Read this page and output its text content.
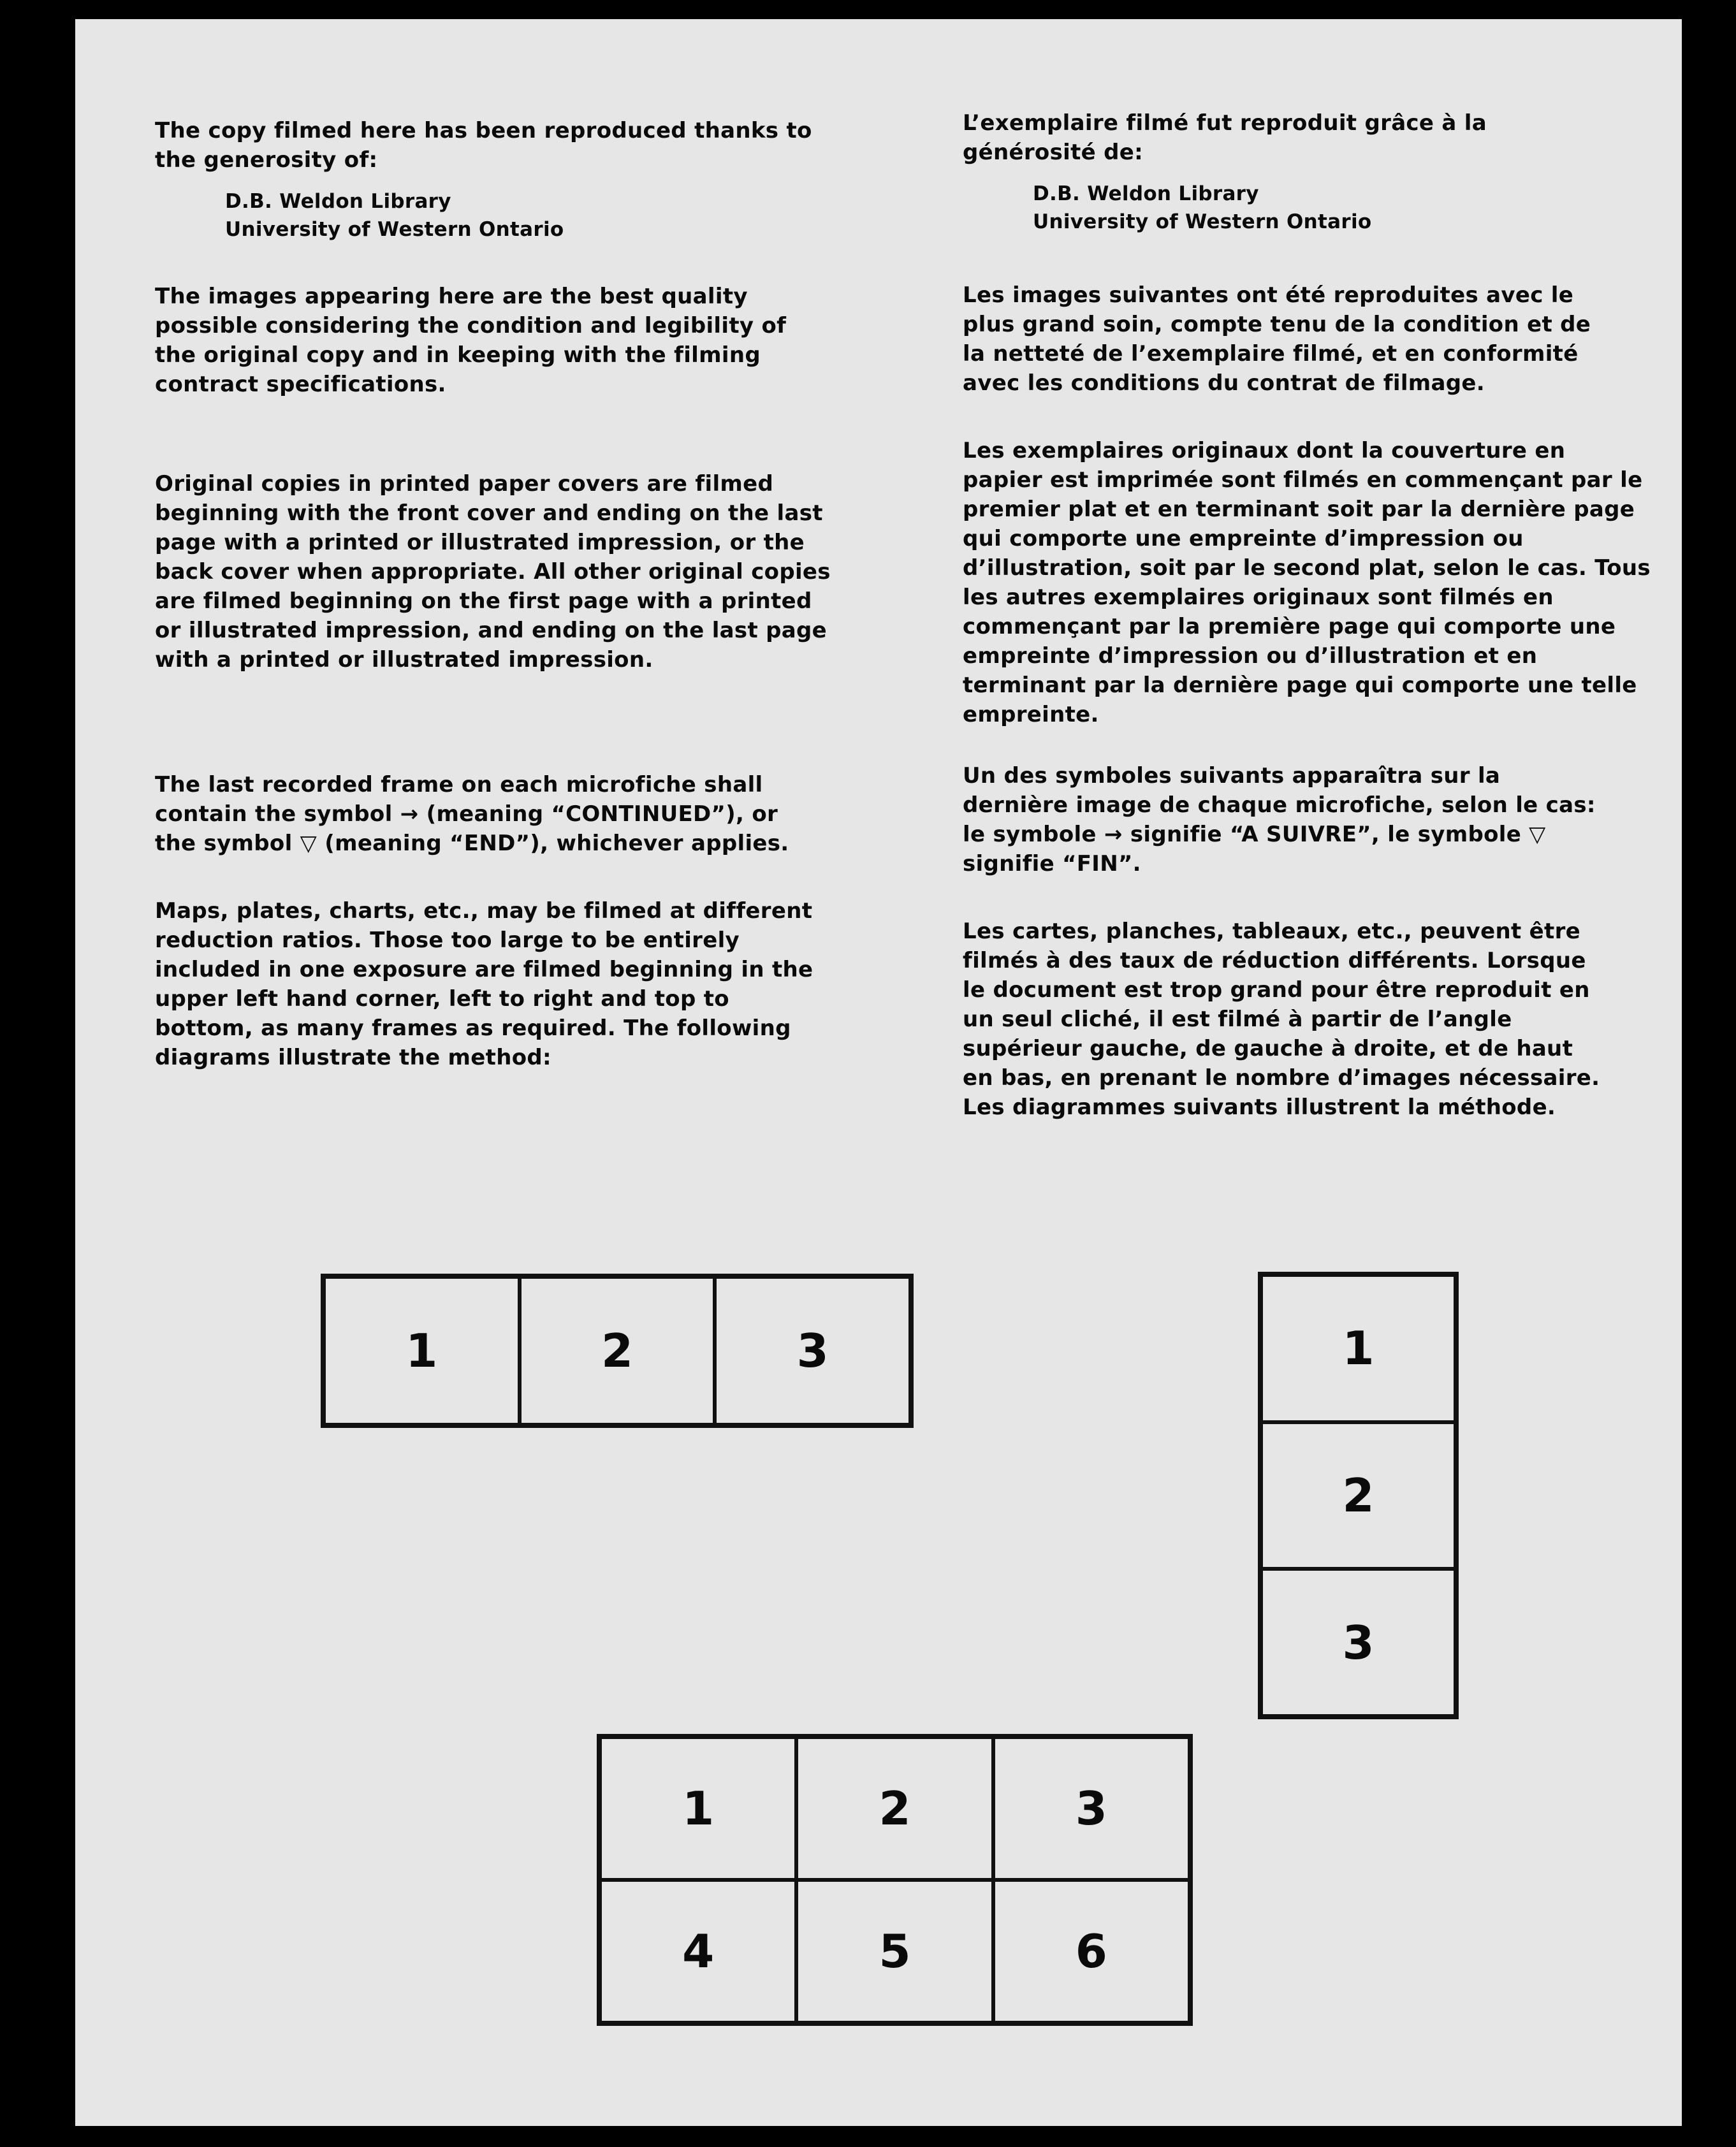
The copy filmed here has been reproduced thanks to the generosity of:

D.B. Weldon Library

University of Western Ontario

The images appearing here are the best quality possible considering the condition and legibility of the original copy and in keeping with the filming contract specifications.

Original copies in printed paper covers are filmed beginning with the front cover and ending on the last page with a printed or illustrated impression, or the back cover when appropriate. All other original copies are filmed beginning on the first page with a printed or illustrated impression, and ending on the last page with a printed or illustrated impression.

The last recorded frame on each microfiche shall contain the symbol → (meaning “CONTINUED”), or the symbol ▽ (meaning “END”), whichever applies.

Maps, plates, charts, etc., may be filmed at different reduction ratios. Those too large to be entirely included in one exposure are filmed beginning in the upper left hand corner, left to right and top to bottom, as many frames as required. The following diagrams illustrate the method:

L’exemplaire filmé fut reproduit grâce à la générosité de:

D.B. Weldon Library

University of Western Ontario

Les images suivantes ont été reproduites avec le plus grand soin, compte tenu de la condition et de la netteté de l’exemplaire filmé, et en conformité avec les conditions du contrat de filmage.

Les exemplaires originaux dont la couverture en papier est imprimée sont filmés en commençant par le premier plat et en terminant soit par la dernière page qui comporte une empreinte d’impression ou d’illustration, soit par le second plat, selon le cas. Tous les autres exemplaires originaux sont filmés en commençant par la première page qui comporte une empreinte d’impression ou d’illustration et en terminant par la dernière page qui comporte une telle empreinte.

Un des symboles suivants apparaîtra sur la dernière image de chaque microfiche, selon le cas: le symbole → signifie “A SUIVRE”, le symbole ▽ signifie “FIN”.

Les cartes, planches, tableaux, etc., peuvent être filmés à des taux de réduction différents. Lorsque le document est trop grand pour être reproduit en un seul cliché, il est filmé à partir de l’angle supérieur gauche, de gauche à droite, et de haut en bas, en prenant le nombre d’images nécessaire. Les diagrammes suivants illustrent la méthode.

1	2	3	1
2
3
1	2	3
4	5	6
